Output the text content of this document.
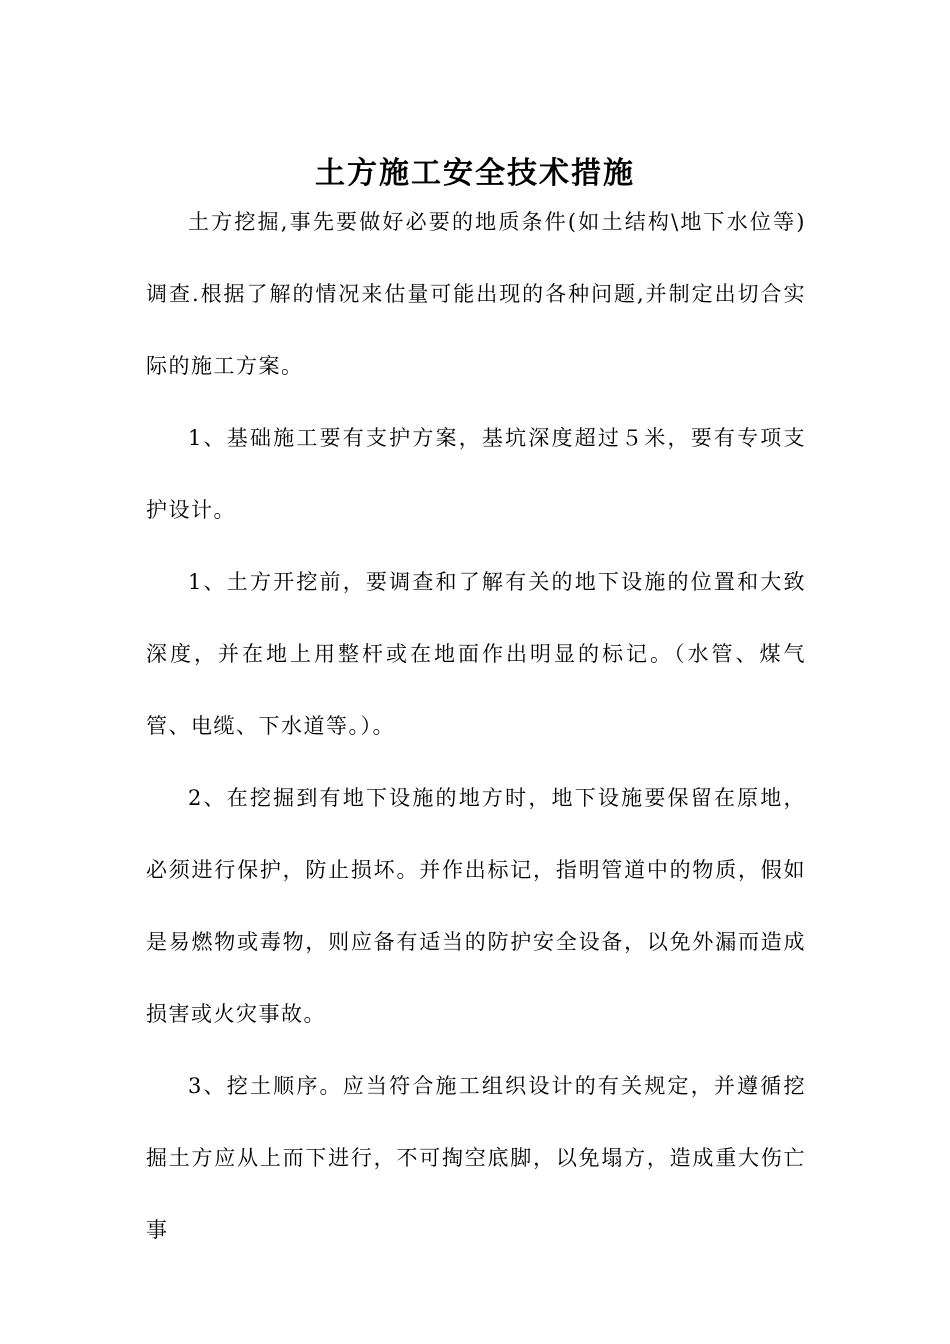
土方施工安全技术措施

土方挖掘,事先要做好必要的地质条件(如土结构\地下水位等)调查.根据了解的情况来估量可能出现的各种问题,并制定出切合实际的施工方案。

1、基础施工要有支护方案，基坑深度超过５米，要有专项支护设计。

1、土方开挖前，要调查和了解有关的地下设施的位置和大致深度，并在地上用整杆或在地面作出明显的标记。（水管、煤气管、电缆、下水道等。）。

2、在挖掘到有地下设施的地方时，地下设施要保留在原地，必须进行保护，防止损坏。并作出标记，指明管道中的物质，假如是易燃物或毒物，则应备有适当的防护安全设备，以免外漏而造成损害或火灾事故。

3、挖土顺序。应当符合施工组织设计的有关规定，并遵循挖掘土方应从上而下进行，不可掏空底脚，以免塌方，造成重大伤亡事
